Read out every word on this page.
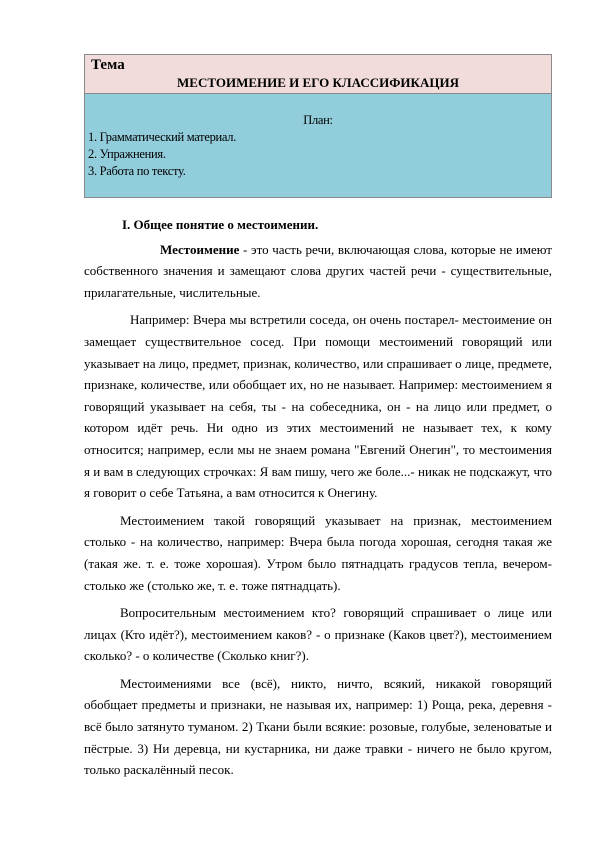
Тема
МЕСТОИМЕНИЕ И ЕГО КЛАССИФИКАЦИЯ

План:
1. Грамматический материал.
2. Упражнения.
3. Работа по тексту.

I. Общее понятие о местоимении.

Местоимение - это часть речи, включающая слова, которые не имеют собственного значения и замещают слова других частей речи - существительные, прилагательные, числительные.

Например: Вчера мы встретили соседа, он очень постарел- местоимение он замещает существительное сосед. При помощи местоимений говорящий или указывает на лицо, предмет, признак, количество, или спрашивает о лице, предмете, признаке, количестве, или обобщает их, но не называет. Например: местоимением я говорящий указывает на себя, ты - на собеседника, он - на лицо или предмет, о котором идёт речь. Ни одно из этих местоимений не называет тех, к кому относится; например, если мы не знаем романа "Евгений Онегин", то местоимения я и вам в следующих строчках: Я вам пишу, чего же боле...- никак не подскажут, что я говорит о себе Татьяна, а вам относится к Онегину.

Местоимением такой говорящий указывает на признак, местоимением столько - на количество, например: Вчера была погода хорошая, сегодня такая же (такая же. т. е. тоже хорошая). Утром было пятнадцать градусов тепла, вечером-столько же (столько же, т. е. тоже пятнадцать).

Вопросительным местоимением кто? говорящий спрашивает о лице или лицах (Кто идёт?), местоимением каков? - о признаке (Каков цвет?), местоимением сколько? - о количестве (Сколько книг?).

Местоимениями все (всё), никто, ничто, всякий, никакой говорящий обобщает предметы и признаки, не называя их, например: 1) Роща, река, деревня - всё было затянуто туманом. 2) Ткани были всякие: розовые, голубые, зеленоватые и пёстрые. 3) Ни деревца, ни кустарника, ни даже травки - ничего не было кругом, только раскалённый песок.
